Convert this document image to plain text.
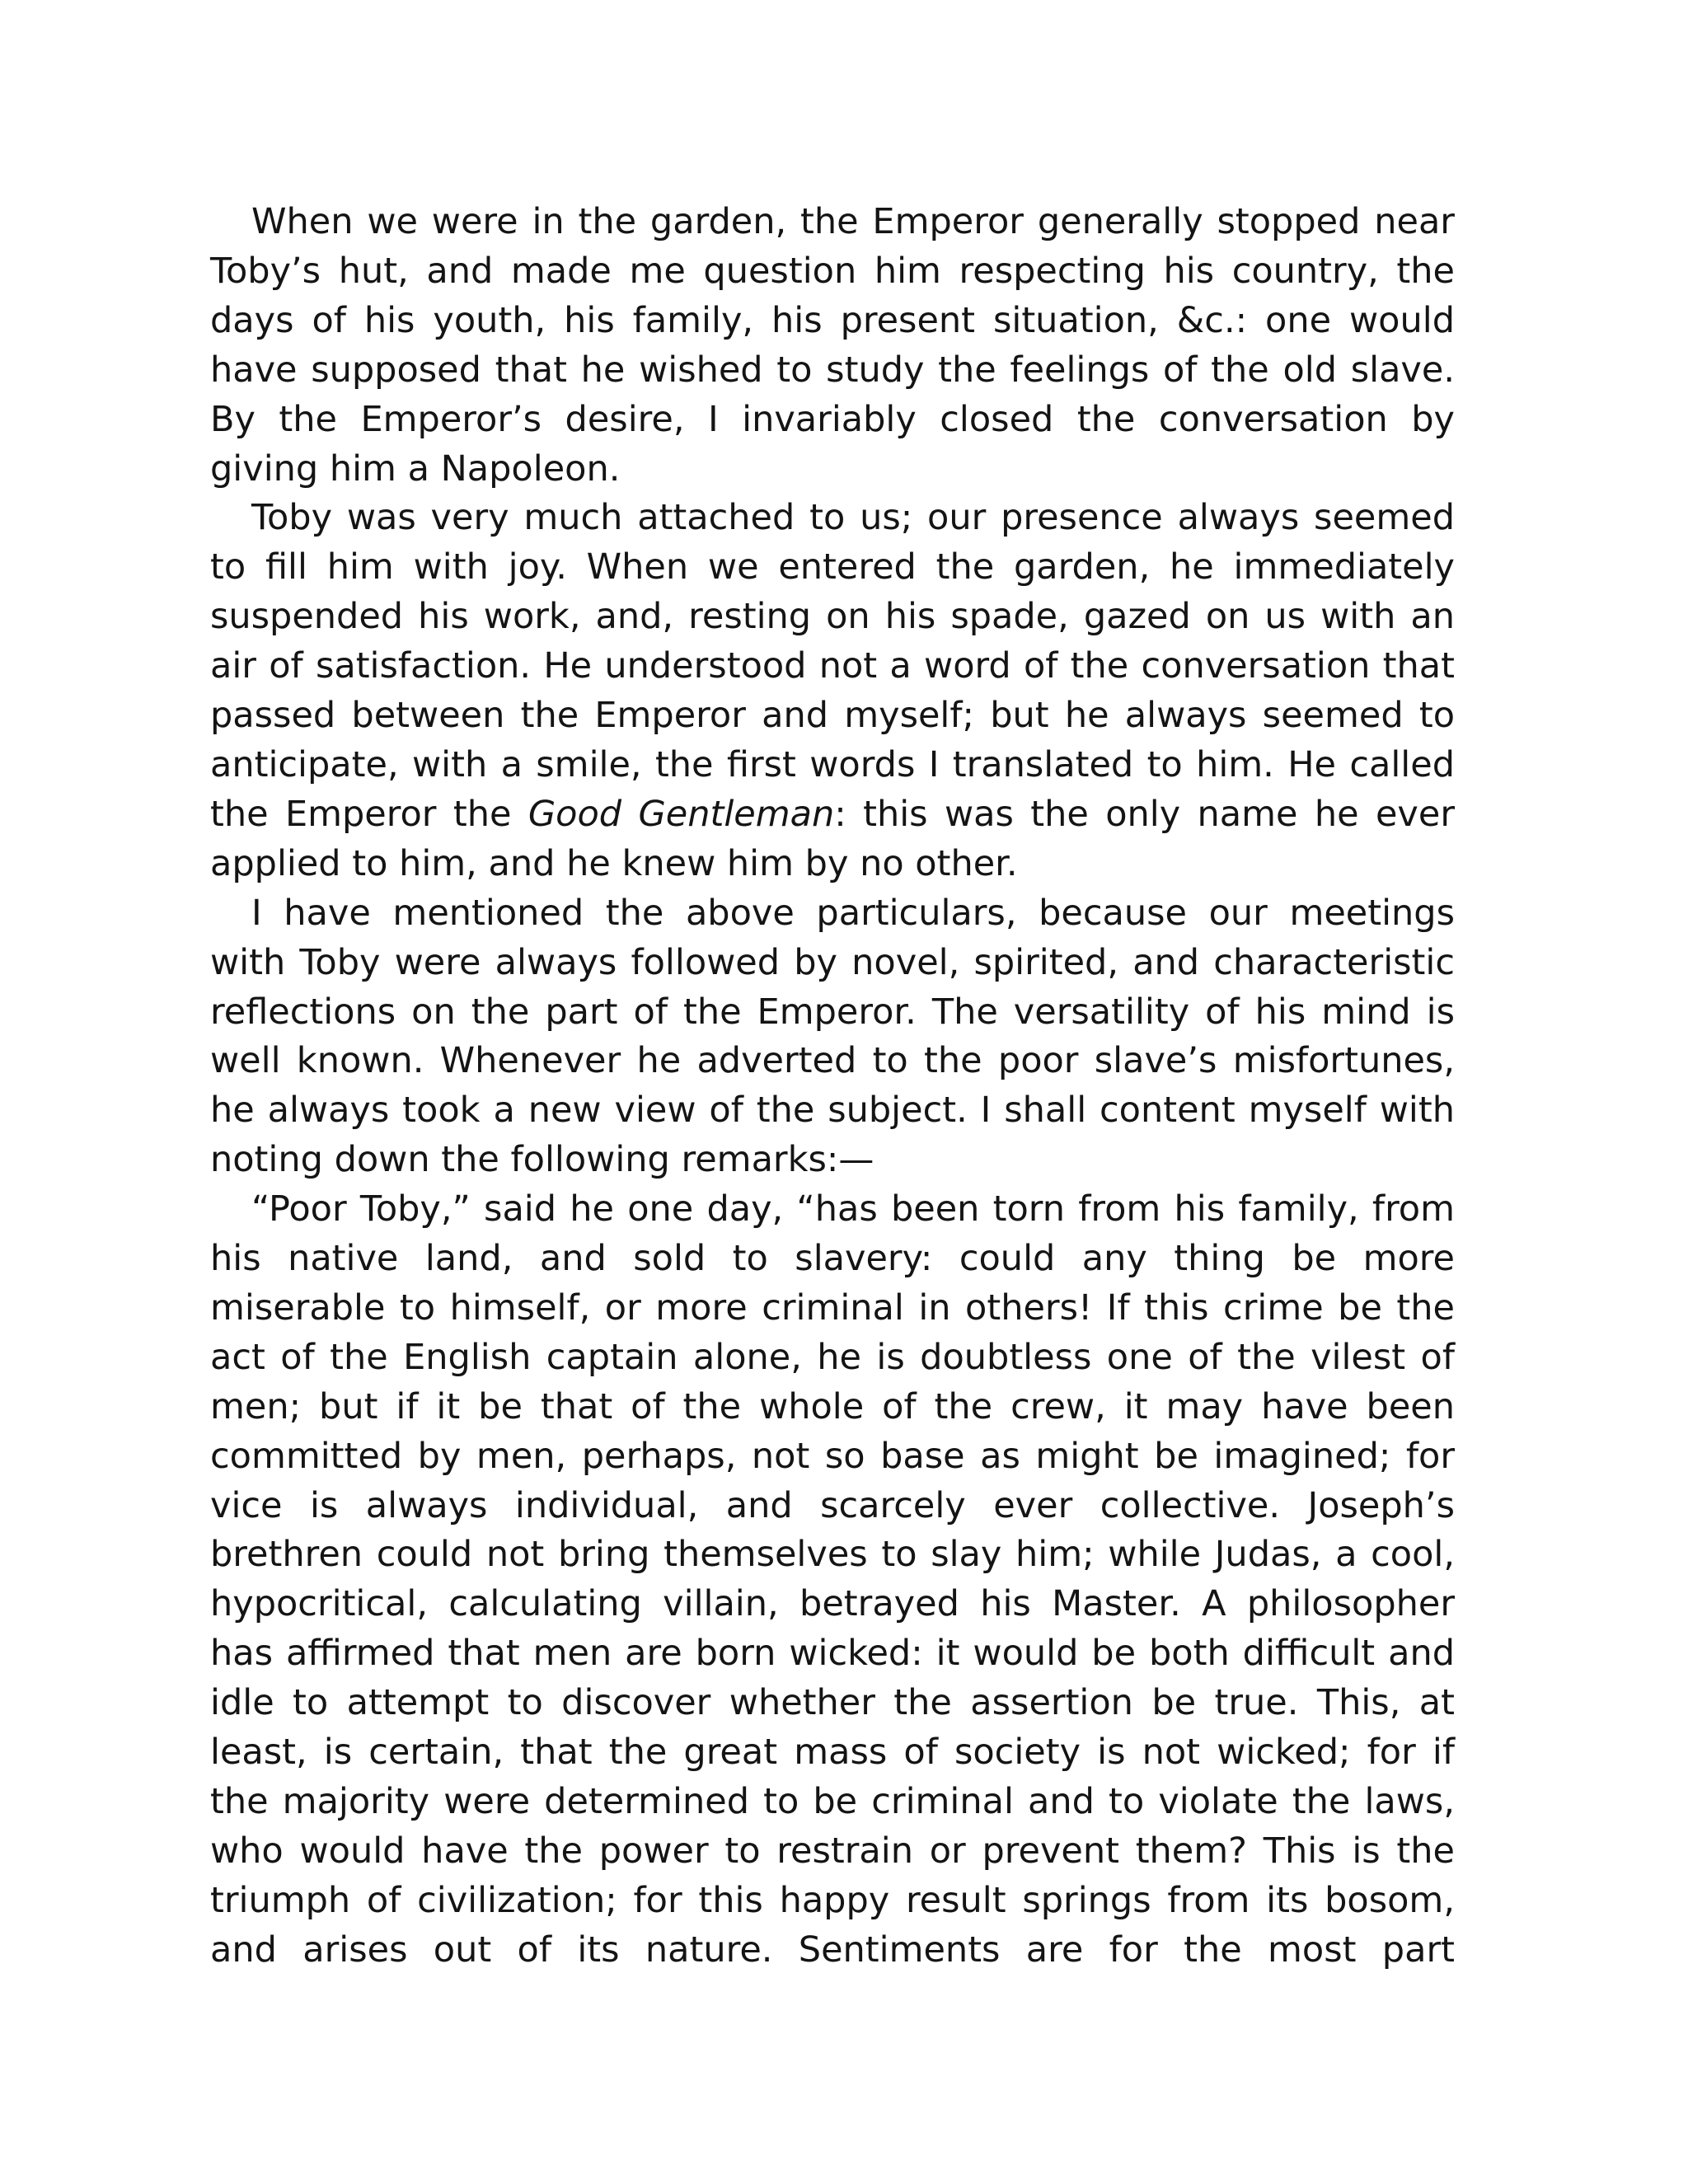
When we were in the garden, the Emperor generally stopped near Toby’s hut, and made me question him respecting his country, the days of his youth, his family, his present situation, &c.: one would have supposed that he wished to study the feelings of the old slave. By the Emperor’s desire, I invariably closed the conversation by giving him a Napoleon.

Toby was very much attached to us; our presence always seemed to fill him with joy. When we entered the garden, he immediately suspended his work, and, resting on his spade, gazed on us with an air of satisfaction. He understood not a word of the conversation that passed between the Emperor and myself; but he always seemed to anticipate, with a smile, the first words I translated to him. He called the Emperor the Good Gentleman: this was the only name he ever applied to him, and he knew him by no other.

I have mentioned the above particulars, because our meetings with Toby were always followed by novel, spirited, and characteristic reflections on the part of the Emperor. The versatility of his mind is well known. Whenever he adverted to the poor slave’s misfortunes, he always took a new view of the subject. I shall content myself with noting down the following remarks:—

“Poor Toby,” said he one day, “has been torn from his family, from his native land, and sold to slavery: could any thing be more miserable to himself, or more criminal in others! If this crime be the act of the English captain alone, he is doubtless one of the vilest of men; but if it be that of the whole of the crew, it may have been committed by men, perhaps, not so base as might be imagined; for vice is always individual, and scarcely ever collective. Joseph’s brethren could not bring themselves to slay him; while Judas, a cool, hypocritical, calculating villain, betrayed his Master. A philosopher has affirmed that men are born wicked: it would be both difficult and idle to attempt to discover whether the assertion be true. This, at least, is certain, that the great mass of society is not wicked; for if the majority were determined to be criminal and to violate the laws, who would have the power to restrain or prevent them? This is the triumph of civilization; for this happy result springs from its bosom, and arises out of its nature. Sentiments are for the most part
